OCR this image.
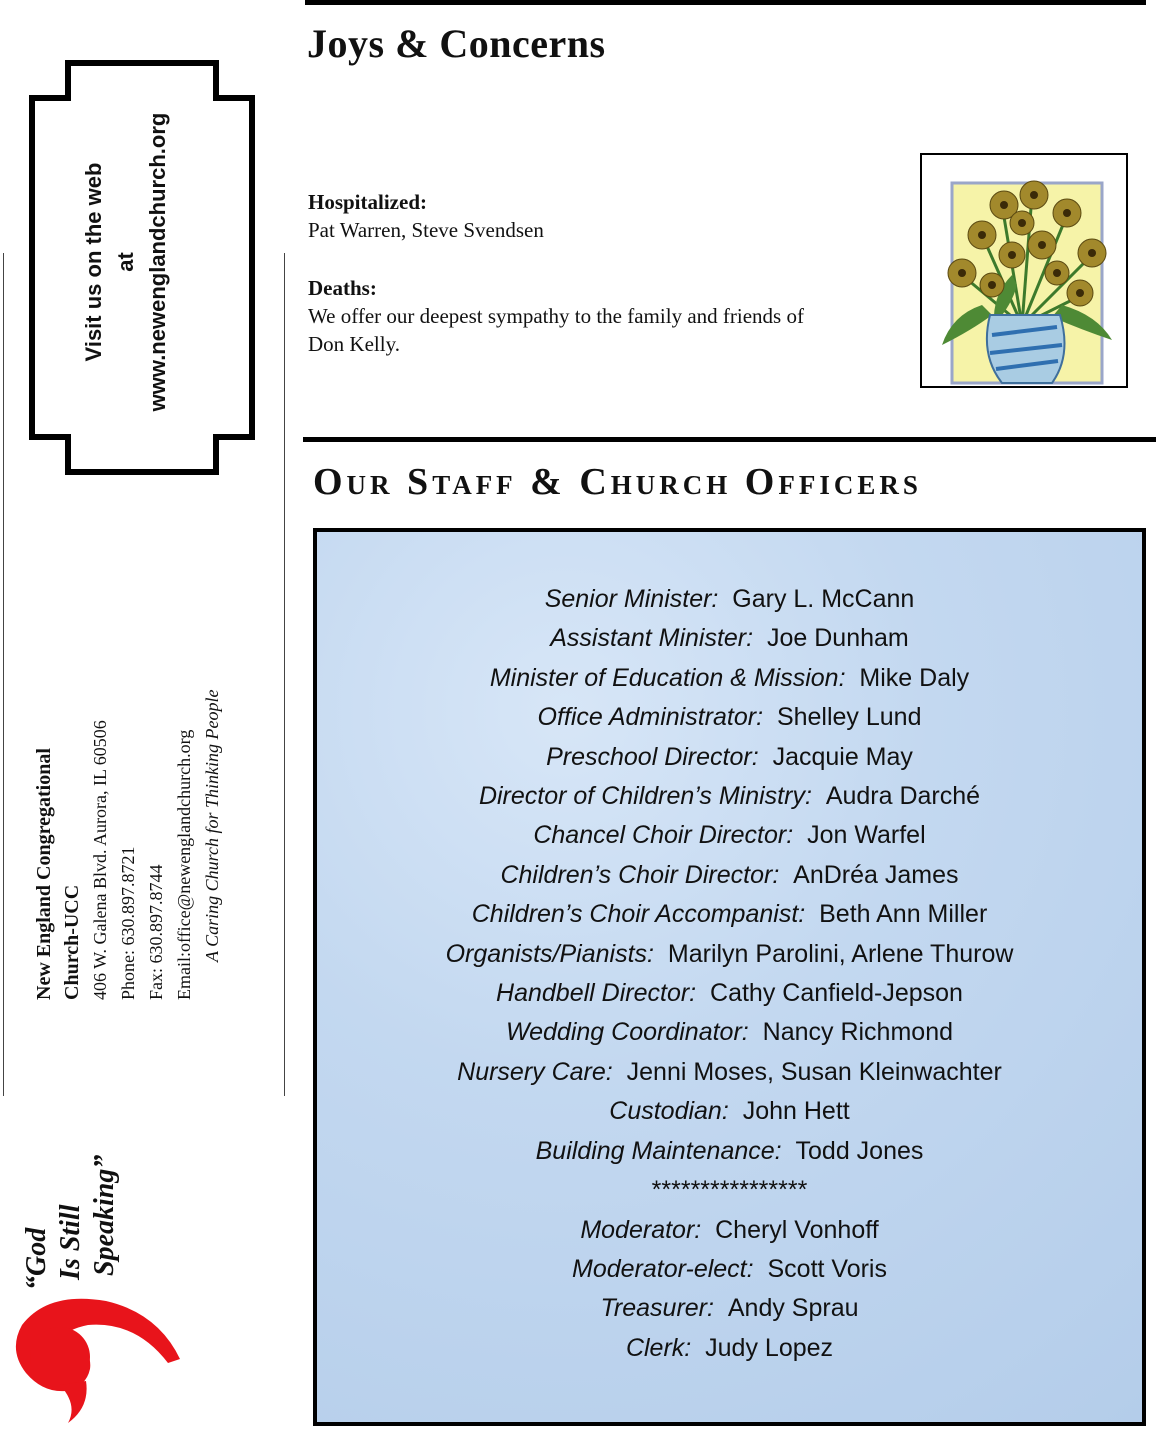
Joys & Concerns
Hospitalized:
Pat Warren, Steve Svendsen
Deaths:
We offer our deepest sympathy to the family and friends of
Don Kelly.
Our Staff & Church Officers
Senior Minister: Gary L. McCann
Assistant Minister: Joe Dunham
Minister of Education & Mission: Mike Daly
Office Administrator: Shelley Lund
Preschool Director: Jacquie May
Director of Children’s Ministry: Audra Darché
Chancel Choir Director: Jon Warfel
Children’s Choir Director: AnDréa James
Children’s Choir Accompanist: Beth Ann Miller
Organists/Pianists: Marilyn Parolini, Arlene Thurow
Handbell Director: Cathy Canfield-Jepson
Wedding Coordinator: Nancy Richmond
Nursery Care: Jenni Moses, Susan Kleinwachter
Custodian: John Hett
Building Maintenance: Todd Jones
****************
Moderator: Cheryl Vonhoff
Moderator-elect: Scott Voris
Treasurer: Andy Sprau
Clerk: Judy Lopez
Visit us on the web at www.newenglandchurch.org
New England Congregational Church-UCC 406 W. Galena Blvd. Aurora, IL 60506 Phone: 630.897.8721 Fax: 630.897.8744 Email:office@newenglandchurch.org A Caring Church for Thinking People
“God Is Still Speaking”
